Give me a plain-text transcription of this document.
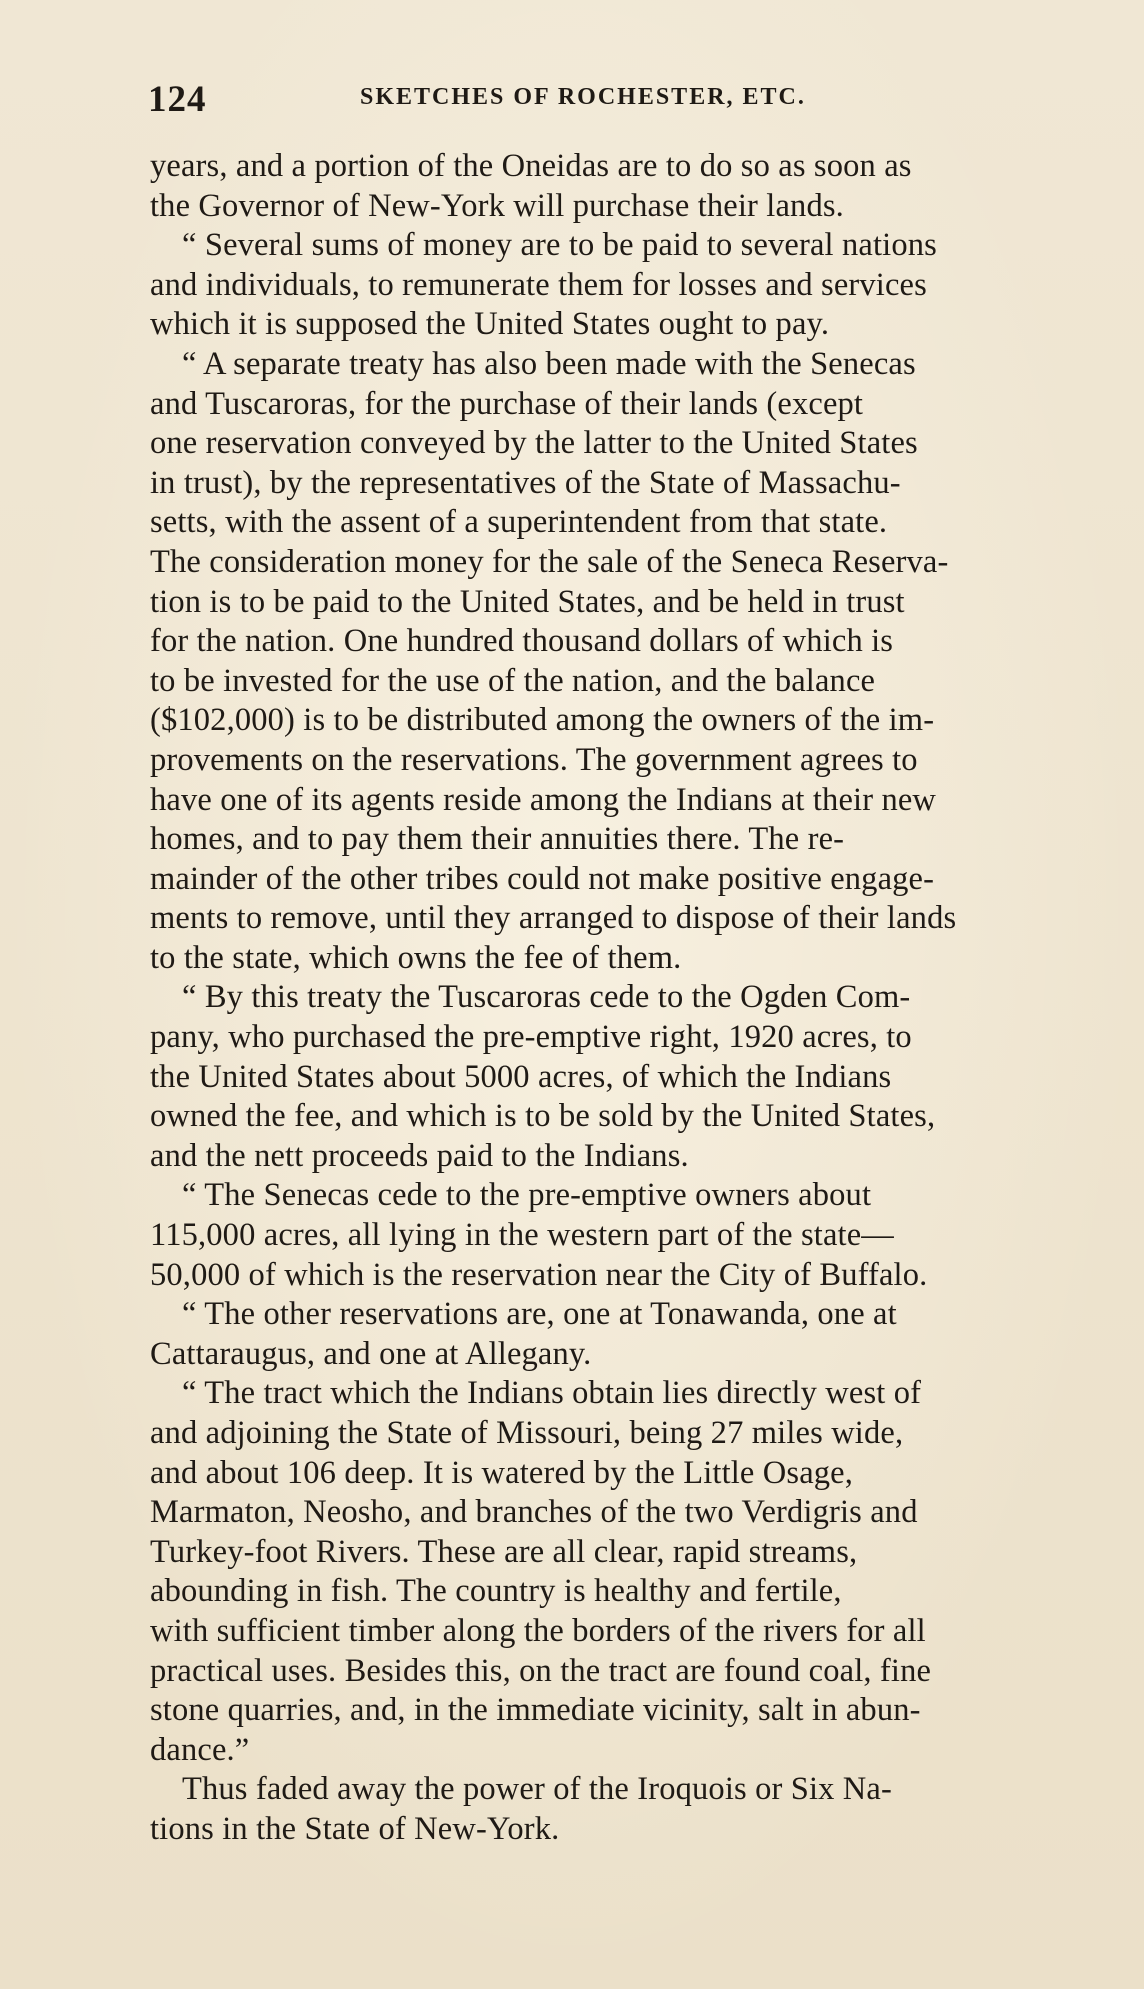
124	SKETCHES OF ROCHESTER, ETC.
years, and a portion of the Oneidas are to do so as soon as
the Governor of New-York will purchase their lands.
“ Several sums of money are to be paid to several nations
and individuals, to remunerate them for losses and services
which it is supposed the United States ought to pay.
“ A separate treaty has also been made with the Senecas
and Tuscaroras, for the purchase of their lands (except
one reservation conveyed by the latter to the United States
in trust), by the representatives of the State of Massachu-
setts, with the assent of a superintendent from that state.
The consideration money for the sale of the Seneca Reserva-
tion is to be paid to the United States, and be held in trust
for the nation. One hundred thousand dollars of which is
to be invested for the use of the nation, and the balance
($102,000) is to be distributed among the owners of the im-
provements on the reservations. The government agrees to
have one of its agents reside among the Indians at their new
homes, and to pay them their annuities there. The re-
mainder of the other tribes could not make positive engage-
ments to remove, until they arranged to dispose of their lands
to the state, which owns the fee of them.
“ By this treaty the Tuscaroras cede to the Ogden Com-
pany, who purchased the pre-emptive right, 1920 acres, to
the United States about 5000 acres, of which the Indians
owned the fee, and which is to be sold by the United States,
and the nett proceeds paid to the Indians.
“ The Senecas cede to the pre-emptive owners about
115,000 acres, all lying in the western part of the state—
50,000 of which is the reservation near the City of Buffalo.
“ The other reservations are, one at Tonawanda, one at
Cattaraugus, and one at Allegany.
“ The tract which the Indians obtain lies directly west of
and adjoining the State of Missouri, being 27 miles wide,
and about 106 deep. It is watered by the Little Osage,
Marmaton, Neosho, and branches of the two Verdigris and
Turkey-foot Rivers. These are all clear, rapid streams,
abounding in fish. The country is healthy and fertile,
with sufficient timber along the borders of the rivers for all
practical uses. Besides this, on the tract are found coal, fine
stone quarries, and, in the immediate vicinity, salt in abun-
dance.”
Thus faded away the power of the Iroquois or Six Na-
tions in the State of New-York.
